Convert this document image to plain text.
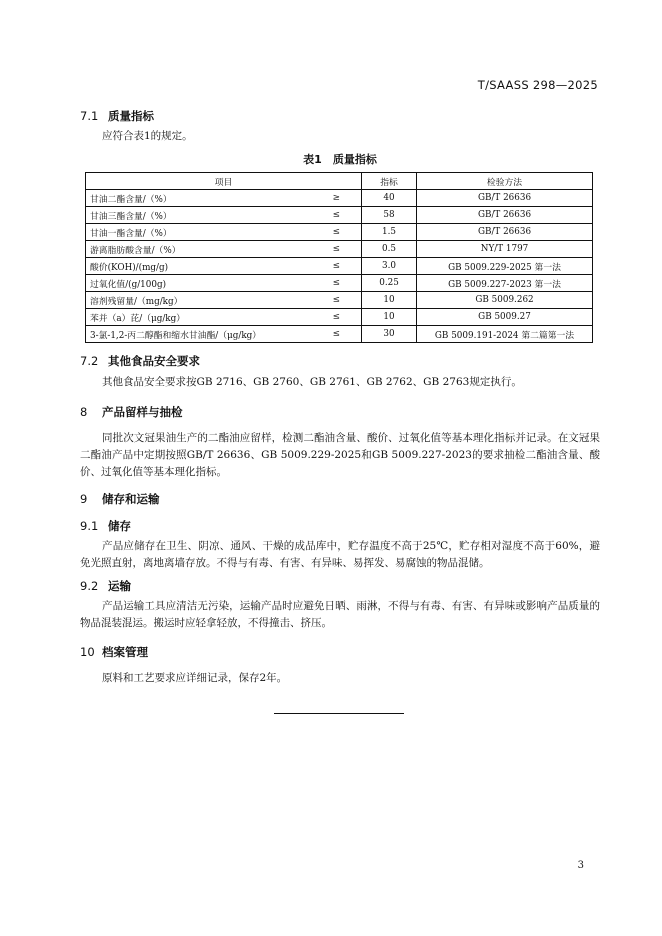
T/SAASS 298—2025
7.1 质量指标
应符合表1的规定。
表1　质量指标
项目		指标	检验方法
甘油二酯含量/（%）	≥	40	GB/T 26636
甘油三酯含量/（%）	≤	58	GB/T 26636
甘油一酯含量/（%）	≤	1.5	GB/T 26636
游离脂肪酸含量/（%）	≤	0.5	NY/T 1797
酸价(KOH)/(mg/g)	≤	3.0	GB 5009.229-2025 第一法
过氧化值/(g/100g)	≤	0.25	GB 5009.227-2023 第一法
溶剂残留量/（mg/kg）	≤	10	GB 5009.262
苯并（a）芘/（μg/kg）	≤	10	GB 5009.27
3-氯-1,2-丙二醇酯和缩水甘油酯/（μg/kg）	≤	30	GB 5009.191-2024 第二篇第一法
7.2 其他食品安全要求
其他食品安全要求按GB 2716、GB 2760、GB 2761、GB 2762、GB 2763规定执行。
8 产品留样与抽检
同批次文冠果油生产的二酯油应留样，检测二酯油含量、酸价、过氧化值等基本理化指标并记录。在文冠果二酯油产品中定期按照GB/T 26636、GB 5009.229-2025和GB 5009.227-2023的要求抽检二酯油含量、酸价、过氧化值等基本理化指标。
9 储存和运输
9.1 储存
产品应储存在卫生、阴凉、通风、干燥的成品库中，贮存温度不高于25℃，贮存相对湿度不高于60%，避免光照直射，离地离墙存放。不得与有毒、有害、有异味、易挥发、易腐蚀的物品混储。
9.2 运输
产品运输工具应清洁无污染，运输产品时应避免日晒、雨淋，不得与有毒、有害、有异味或影响产品质量的物品混装混运。搬运时应轻拿轻放，不得撞击、挤压。
10 档案管理
原料和工艺要求应详细记录，保存2年。
3
